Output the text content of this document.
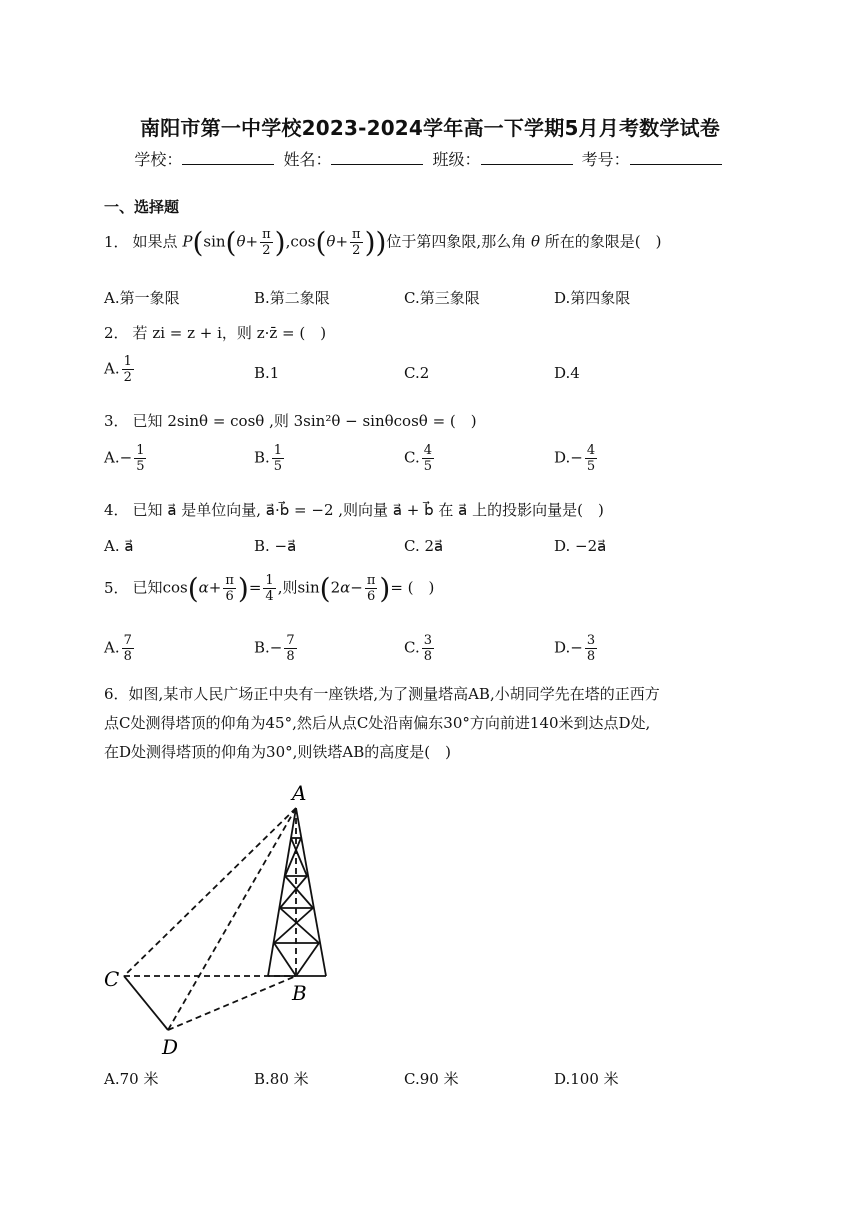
南阳市第一中学校2023-2024学年高一下学期5月月考数学试卷
学校：	姓名：	班级：	考号：
一、选择题
1． 如果点 $P(\sin(\theta+ \frac{\pi}{2} ),\cos(\theta+ \frac{\pi}{2}$ ))位于第四象限,那么角 θ 所在的象限是(　)
A.第一象限	B.第二象限	C.第三象限	D.第四象限
2． 若 zi = z + i，则 z·z̄ = (　)
A. $\frac{1}{2}$	B.1	C.2	D.4
3． 已知 2sinθ = cosθ ,则 3sin²θ − sinθcosθ = (　)
$A.- \frac{1}{5}$	B. $\frac{1}{5}$	C. $\frac{4}{5}$	$D.- \frac{4}{5}$
4． 已知 a⃗ 是单位向量, a⃗·b⃗ = −2 ,则向量 a⃗ + b⃗ 在 a⃗ 上的投影向量是(　)
A. a⃗	B. −a⃗	C. 2a⃗	D. −2a⃗
5． 已知$\cos(\alpha+ \frac{\pi}{6}$ )= $\frac{1}{4}$ ,则$\sin(2\alpha- \frac{\pi}{6}$ )= (　)
A. $\frac{7}{8}$	$B.- \frac{7}{8}$	C. $\frac{3}{8}$	$D.- \frac{3}{8}$
6．如图,某市人民广场正中央有一座铁塔,为了测量塔高AB,小胡同学先在塔的正西方
点C处测得塔顶的仰角为45°,然后从点C处沿南偏东30°方向前进140米到达点D处,
在D处测得塔顶的仰角为30°,则铁塔AB的高度是(　)
A
B
C
D
A.70 米	B.80 米	C.90 米	D.100 米
